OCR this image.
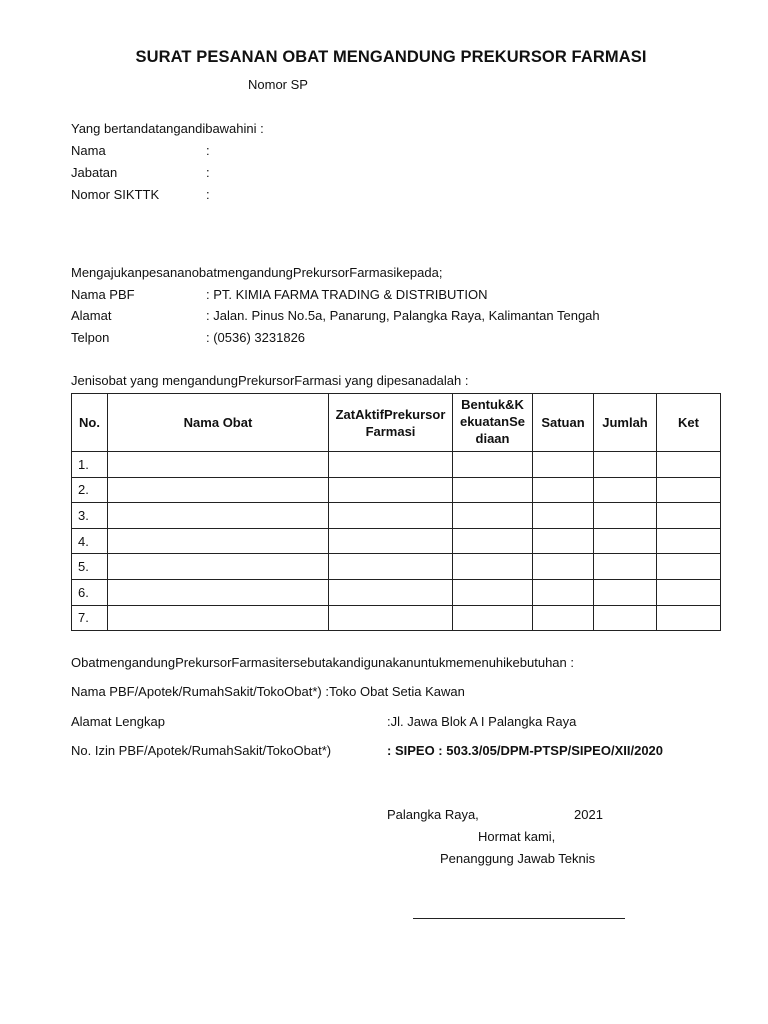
SURAT PESANAN OBAT MENGANDUNG PREKURSOR FARMASI
Nomor SP
Yang bertandatangandibawahini :
Nama	:
Jabatan	:
Nomor SIKTTK	:
MengajukanpesananobatmengandungPrekursorFarmasikepada;
Nama PBF	: PT. KIMIA FARMA TRADING & DISTRIBUTION
Alamat	: Jalan. Pinus No.5a, Panarung, Palangka Raya, Kalimantan Tengah
Telpon	: (0536) 3231826
Jenisobat yang mengandungPrekursorFarmasi yang dipesanadalah :
No.	Nama Obat	ZatAktifPrekursor Farmasi	Bentuk&K ekuatanSe diaan	Satuan	Jumlah	Ket
1.						
2.						
3.						
4.						
5.						
6.						
7.						
ObatmengandungPrekursorFarmasitersebutakandigunakanuntukmemenuhikebutuhan :
Nama PBF/Apotek/RumahSakit/TokoObat*) :Toko Obat Setia Kawan
Alamat Lengkap	:Jl. Jawa Blok A I Palangka Raya
No. Izin PBF/Apotek/RumahSakit/TokoObat*)	: SIPEO : 503.3/05/DPM-PTSP/SIPEO/XII/2020
Palangka Raya,	2021
Hormat kami,
Penanggung Jawab Teknis
